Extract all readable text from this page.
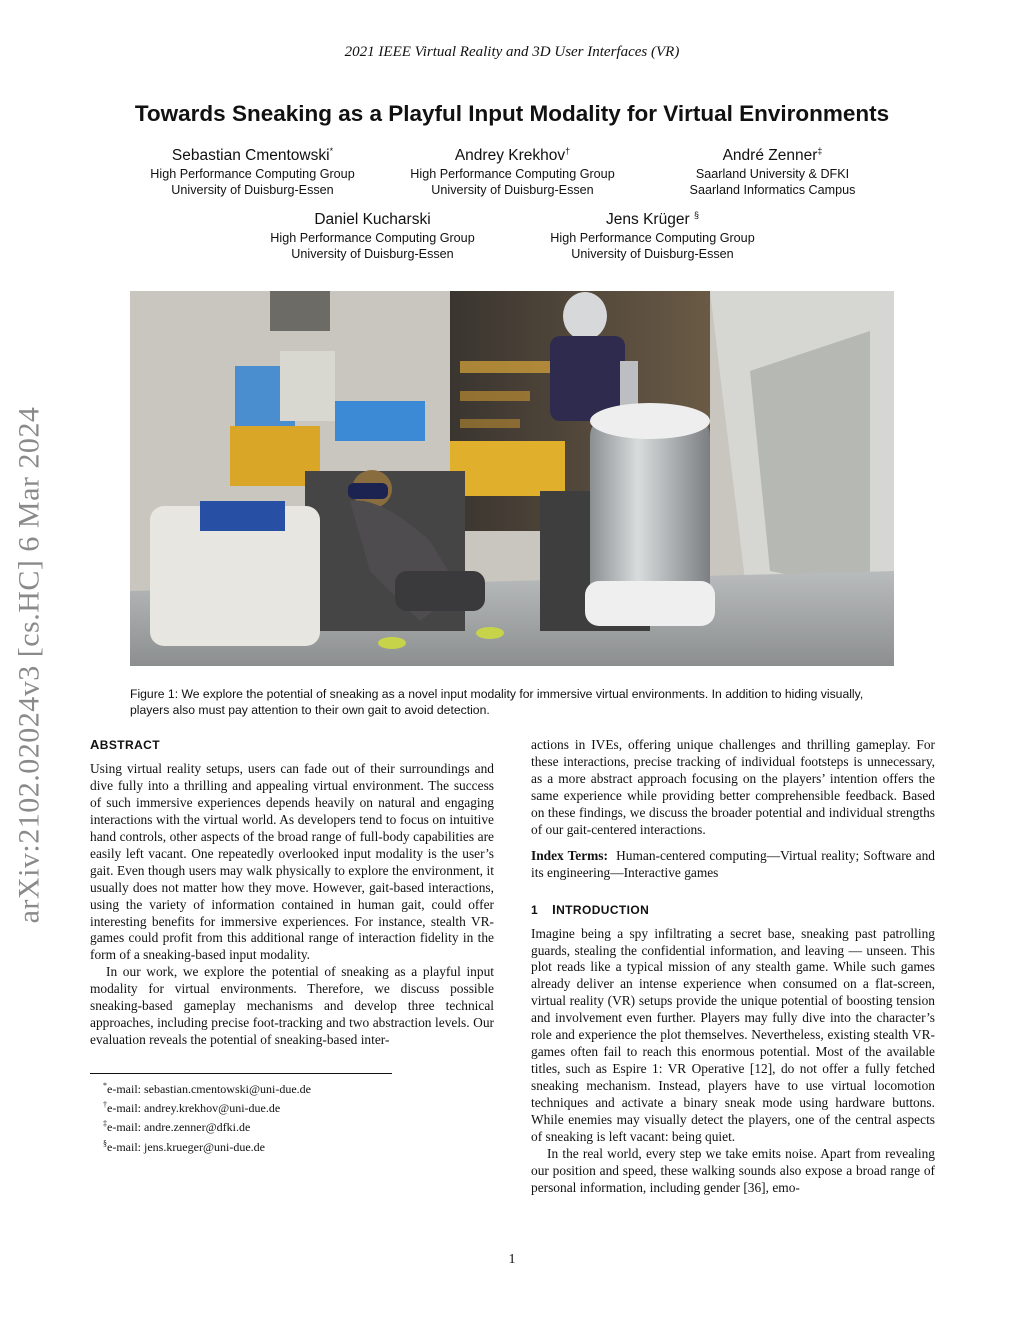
arXiv:2102.02024v3 [cs.HC] 6 Mar 2024
2021 IEEE Virtual Reality and 3D User Interfaces (VR)
Towards Sneaking as a Playful Input Modality for Virtual Environments
Sebastian Cmentowski*
High Performance Computing Group
University of Duisburg-Essen
Andrey Krekhov†
High Performance Computing Group
University of Duisburg-Essen
André Zenner‡
Saarland University & DFKI
Saarland Informatics Campus
Daniel Kucharski
High Performance Computing Group
University of Duisburg-Essen
Jens Krüger §
High Performance Computing Group
University of Duisburg-Essen
Figure 1: We explore the potential of sneaking as a novel input modality for immersive virtual environments. In addition to hiding visually, players also must pay attention to their own gait to avoid detection.
ABSTRACT

Using virtual reality setups, users can fade out of their surroundings and dive fully into a thrilling and appealing virtual environment. The success of such immersive experiences depends heavily on natural and engaging interactions with the virtual world. As developers tend to focus on intuitive hand controls, other aspects of the broad range of full-body capabilities are easily left vacant. One repeatedly overlooked input modality is the user’s gait. Even though users may walk physically to explore the environment, it usually does not matter how they move. However, gait-based interactions, using the variety of information contained in human gait, could offer interesting benefits for immersive experiences. For instance, stealth VR-games could profit from this additional range of interaction fidelity in the form of a sneaking-based input modality.

In our work, we explore the potential of sneaking as a playful input modality for virtual environments. Therefore, we discuss possible sneaking-based gameplay mechanisms and develop three technical approaches, including precise foot-tracking and two abstraction levels. Our evaluation reveals the potential of sneaking-based inter-

*e-mail: sebastian.cmentowski@uni-due.de
†e-mail: andrey.krekhov@uni-due.de
‡e-mail: andre.zenner@dfki.de
§e-mail: jens.krueger@uni-due.de

actions in IVEs, offering unique challenges and thrilling gameplay. For these interactions, precise tracking of individual footsteps is unnecessary, as a more abstract approach focusing on the players’ intention offers the same experience while providing better comprehensible feedback. Based on these findings, we discuss the broader potential and individual strengths of our gait-centered interactions.

Index Terms: Human-centered computing—Virtual reality; Software and its engineering—Interactive games

1 INTRODUCTION

Imagine being a spy infiltrating a secret base, sneaking past patrolling guards, stealing the confidential information, and leaving — unseen. This plot reads like a typical mission of any stealth game. While such games already deliver an intense experience when consumed on a flat-screen, virtual reality (VR) setups provide the unique potential of boosting tension and involvement even further. Players may fully dive into the character’s role and experience the plot themselves. Nevertheless, existing stealth VR-games often fail to reach this enormous potential. Most of the available titles, such as Espire 1: VR Operative [12], do not offer a fully fetched sneaking mechanism. Instead, players have to use virtual locomotion techniques and activate a binary sneak mode using hardware buttons. While enemies may visually detect the players, one of the central aspects of sneaking is left vacant: being quiet.

In the real world, every step we take emits noise. Apart from revealing our position and speed, these walking sounds also expose a broad range of personal information, including gender [36], emo-

1
